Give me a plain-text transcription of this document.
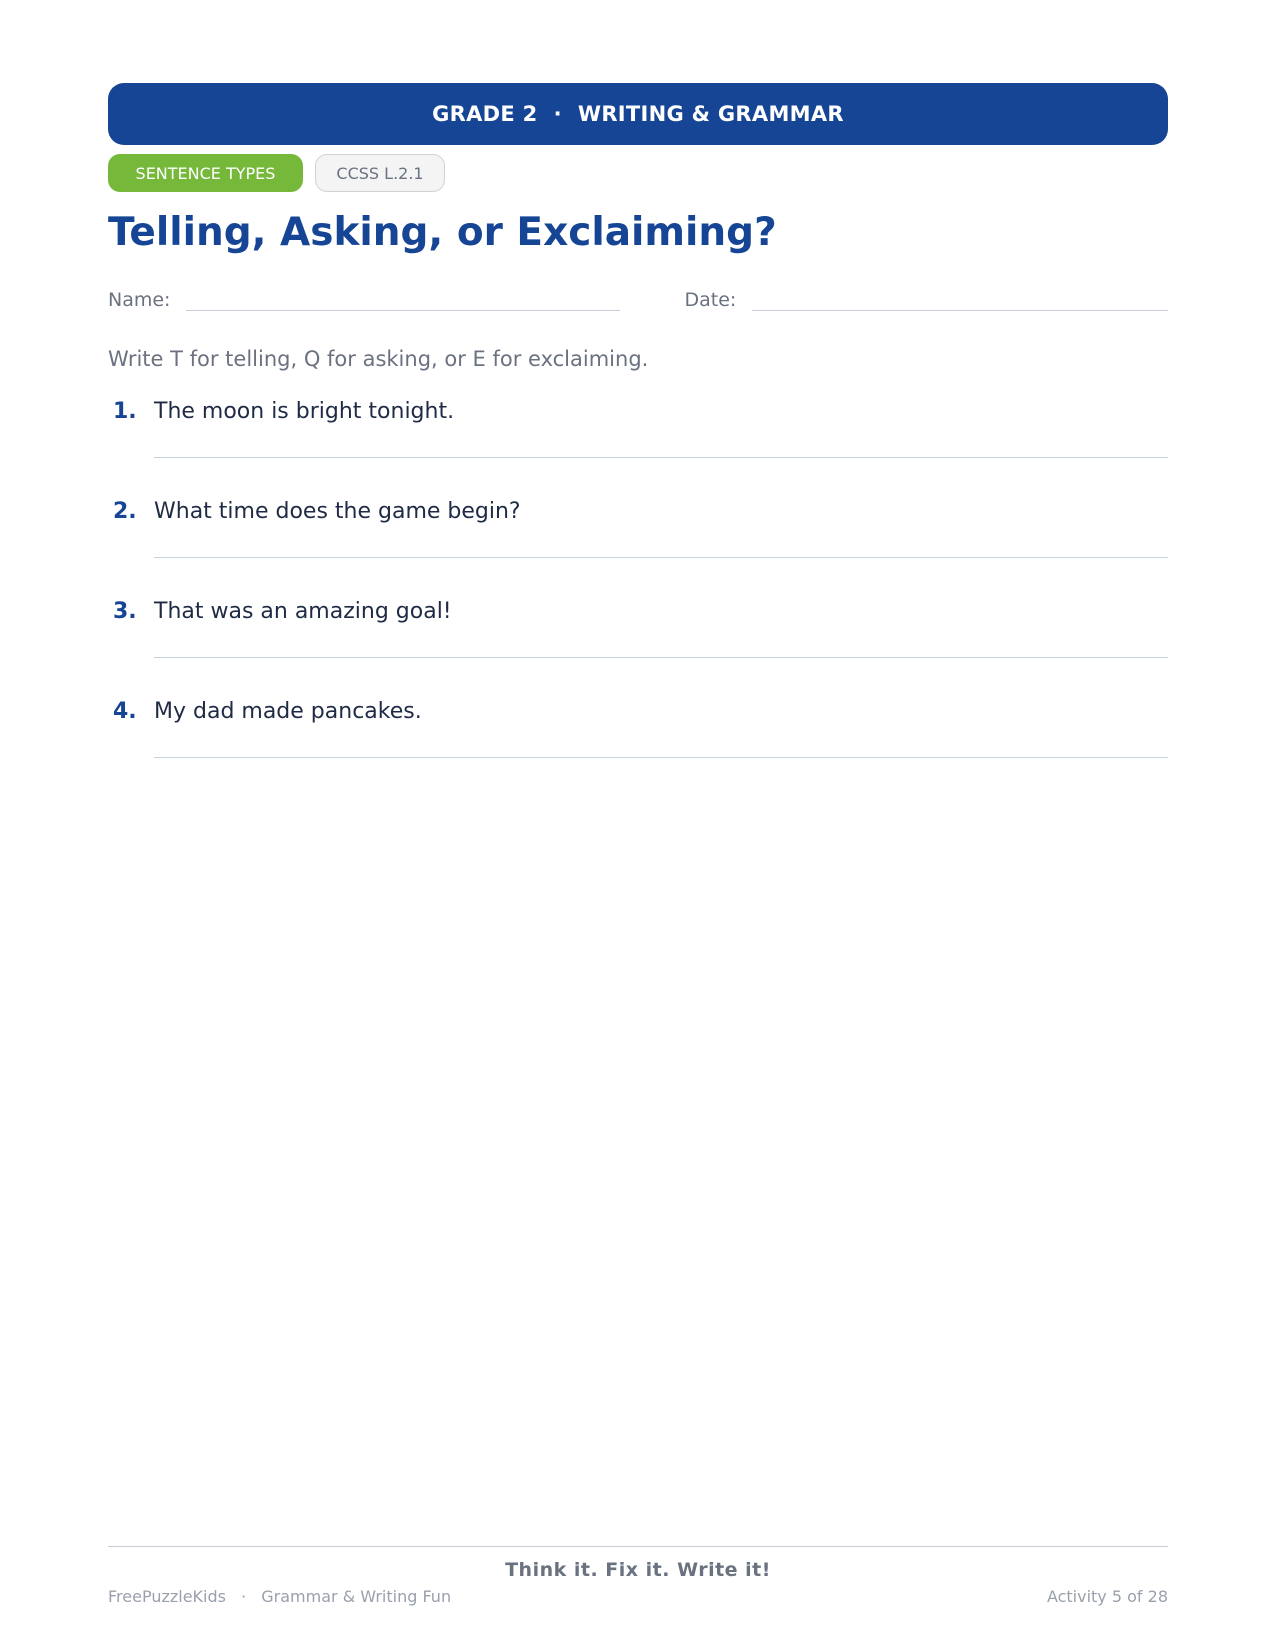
GRADE 2 · WRITING & GRAMMAR
SENTENCE TYPES	CCSS L.2.1
Telling, Asking, or Exclaiming?
Name:	Date:
Write T for telling, Q for asking, or E for exclaiming.
1. The moon is bright tonight.
2. What time does the game begin?
3. That was an amazing goal!
4. My dad made pancakes.
Think it. Fix it. Write it!
FreePuzzleKids · Grammar & Writing Fun	Activity 5 of 28
